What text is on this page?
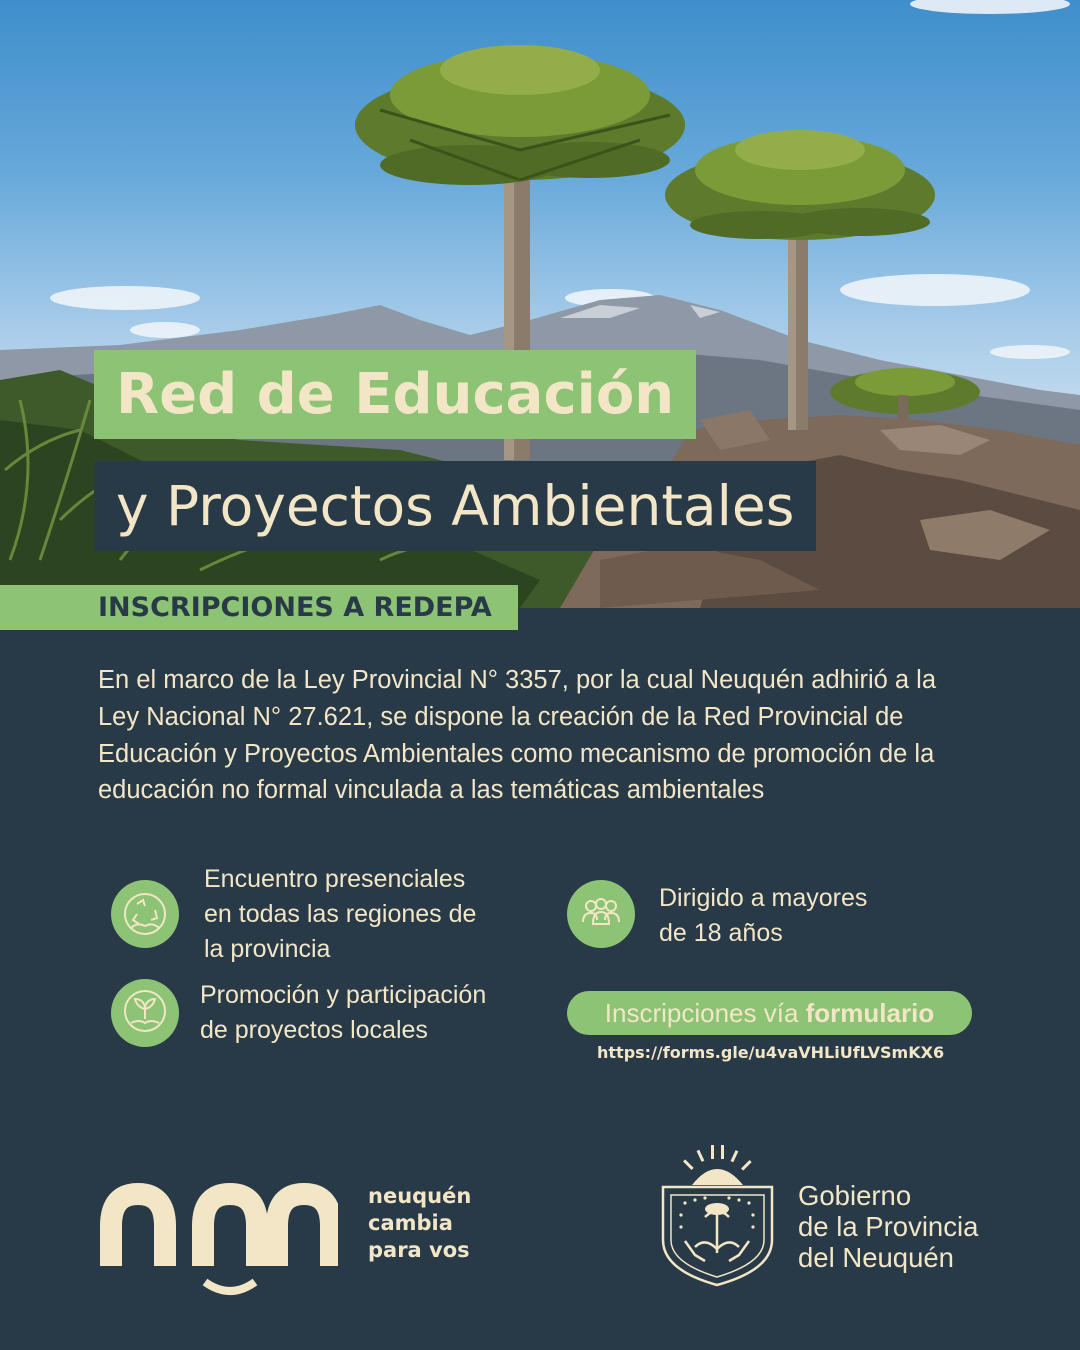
Red de Educación
y Proyectos Ambientales
INSCRIPCIONES A REDEPA

En el marco de la Ley Provincial N° 3357, por la cual Neuquén adhirió a la Ley Nacional N° 27.621, se dispone la creación de la Red Provincial de Educación y Proyectos Ambientales como mecanismo de promoción de la educación no formal vinculada a las temáticas ambientales

Encuentro presenciales
en todas las regiones de
la provincia

Dirigido a mayores
de 18 años

Promoción y participación
de proyectos locales

Inscripciones vía formulario
https://forms.gle/u4vaVHLiUfLVSmKX6
neuquén
cambia
para vos
Gobierno
de la Provincia
del Neuquén
